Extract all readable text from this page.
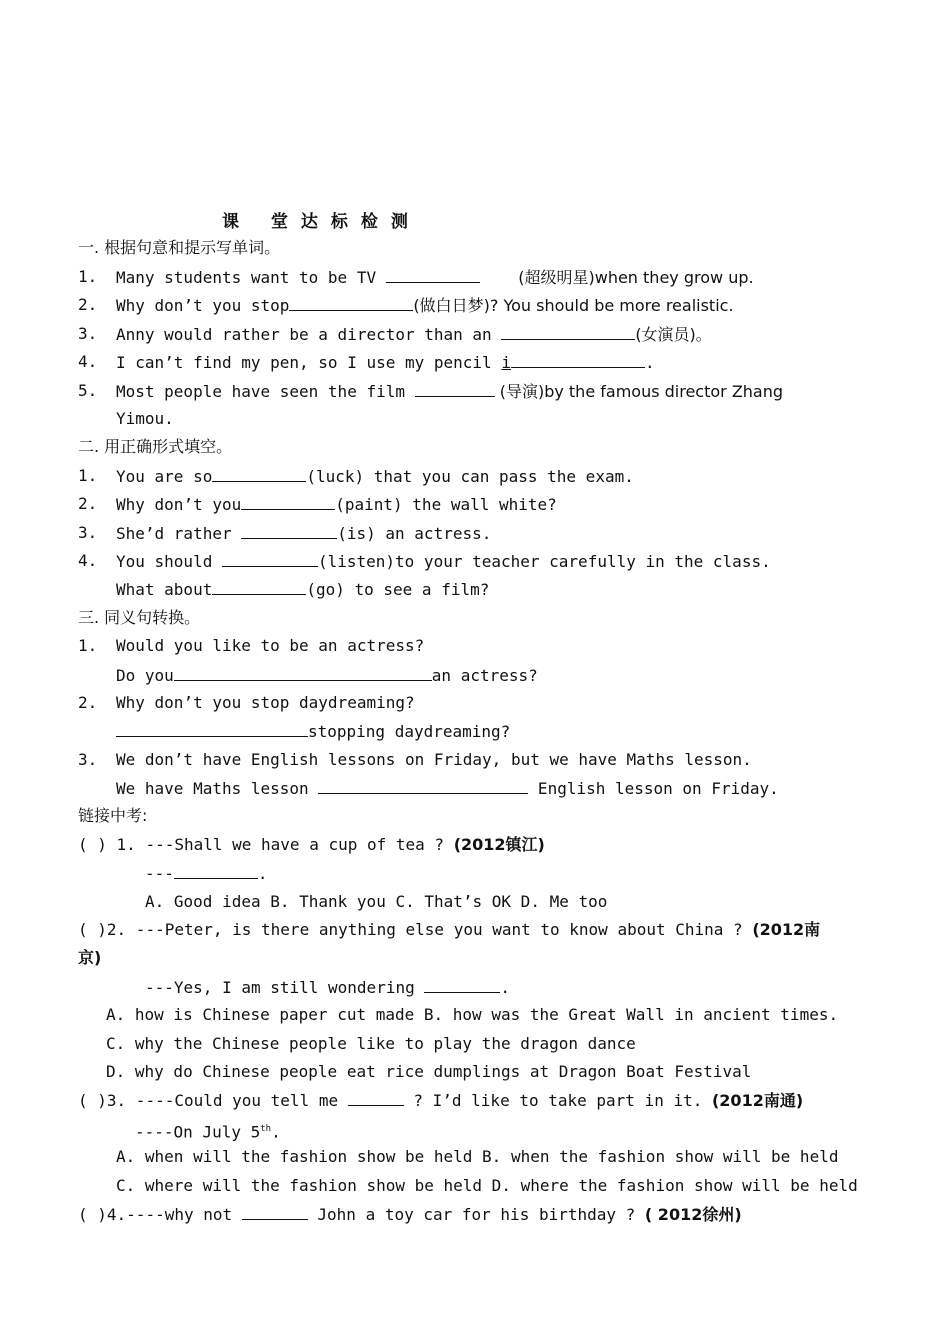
课 堂达标检测
一. 根据句意和提示写单词。
1. Many students want to be TV	(超级明星)when they grow up.
2. Why don’t you stop	(做白日梦)? You should be more realistic.
3. Anny would rather be a director than an	(女演员)。
4. I can’t find my pen, so I use my pencil i	.
5. Most people have seen the film	(导演)by the famous director Zhang
Yimou.
二. 用正确形式填空。
1. You are so	(luck) that you can pass the exam.
2. Why don’t you	(paint) the wall white?
3. She’d rather	(is) an actress.
4. You should	(listen)to your teacher carefully in the class.
What about	(go) to see a film?
三. 同义句转换。
1. Would you like to be an actress?
Do you	an actress?
2. Why don’t you stop daydreaming?
stopping daydreaming?
3. We don’t have English lessons on Friday, but we have Maths lesson.
We have Maths lesson	English lesson on Friday.
链接中考:
( ) 1. ---Shall we have a cup of tea ? (2012镇江)
---	.
A. Good idea B. Thank you C. That’s OK D. Me too
( )2. ---Peter, is there anything else you want to know about China ? (2012南
京)
---Yes, I am still wondering	.
A. how is Chinese paper cut made B. how was the Great Wall in ancient times.
C. why the Chinese people like to play the dragon dance
D. why do Chinese people eat rice dumplings at Dragon Boat Festival
( )3. ----Could you tell me	? I’d like to take part in it. (2012南通)
----On July 5th.
A. when will the fashion show be held B. when the fashion show will be held
C. where will the fashion show be held D. where the fashion show will be held
( )4.----why not	John a toy car for his birthday ? ( 2012徐州)
